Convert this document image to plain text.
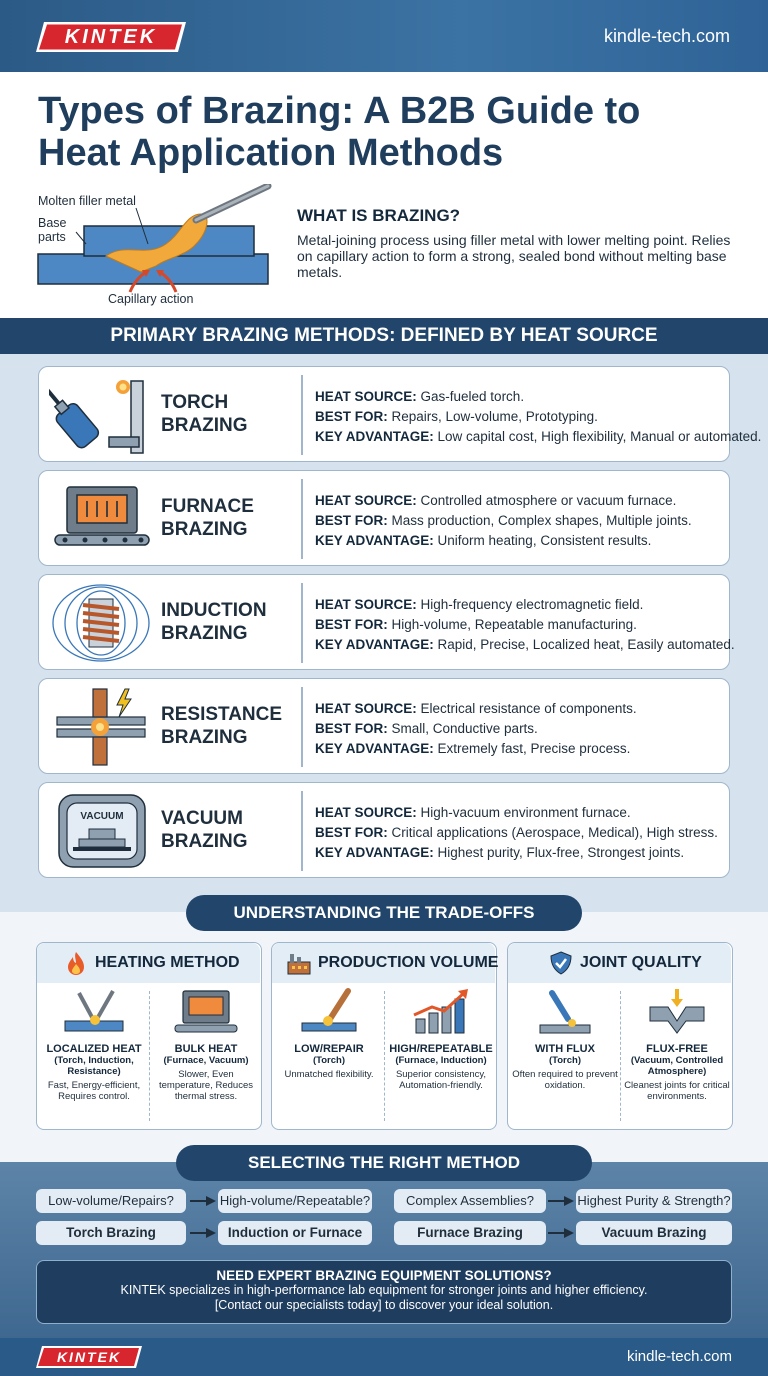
KINTEK	kindle-tech.com
Types of Brazing: A B2B Guide to
Heat Application Methods
Molten filler metal
Base
parts
Capillary action
WHAT IS BRAZING?

Metal-joining process using filler metal with lower melting point. Relies on capillary action to form a strong, sealed bond without melting base metals.

PRIMARY BRAZING METHODS: DEFINED BY HEAT SOURCE
TORCH
BRAZING
HEAT SOURCE: Gas-fueled torch.
BEST FOR: Repairs, Low-volume, Prototyping.
KEY ADVANTAGE: Low capital cost, High flexibility, Manual or automated.
FURNACE
BRAZING
HEAT SOURCE: Controlled atmosphere or vacuum furnace.
BEST FOR: Mass production, Complex shapes, Multiple joints.
KEY ADVANTAGE: Uniform heating, Consistent results.
INDUCTION
BRAZING
HEAT SOURCE: High-frequency electromagnetic field.
BEST FOR: High-volume, Repeatable manufacturing.
KEY ADVANTAGE: Rapid, Precise, Localized heat, Easily automated.
RESISTANCE
BRAZING
HEAT SOURCE: Electrical resistance of components.
BEST FOR: Small, Conductive parts.
KEY ADVANTAGE: Extremely fast, Precise process.
VACUUM	VACUUM
BRAZING
HEAT SOURCE: High-vacuum environment furnace.
BEST FOR: Critical applications (Aerospace, Medical), High stress.
KEY ADVANTAGE: Highest purity, Flux-free, Strongest joints.
UNDERSTANDING THE TRADE-OFFS
HEATING METHOD
LOCALIZED HEAT
(Torch, Induction, Resistance)
Fast, Energy-efficient, Requires control.
BULK HEAT
(Furnace, Vacuum)
Slower, Even temperature, Reduces thermal stress.
PRODUCTION VOLUME
LOW/REPAIR
(Torch)
Unmatched flexibility.
HIGH/REPEATABLE
(Furnace, Induction)
Superior consistency, Automation-friendly.
JOINT QUALITY
WITH FLUX
(Torch)
Often required to prevent oxidation.
FLUX-FREE
(Vacuum, Controlled Atmosphere)
Cleanest joints for critical environments.
SELECTING THE RIGHT METHOD
Low-volume/Repairs?	High-volume/Repeatable?	Complex Assemblies?	Highest Purity & Strength?
Torch Brazing	Induction or Furnace	Furnace Brazing	Vacuum Brazing
NEED EXPERT BRAZING EQUIPMENT SOLUTIONS?
KINTEK specializes in high-performance lab equipment for stronger joints and higher efficiency.
[Contact our specialists today] to discover your ideal solution.
KINTEK	kindle-tech.com
